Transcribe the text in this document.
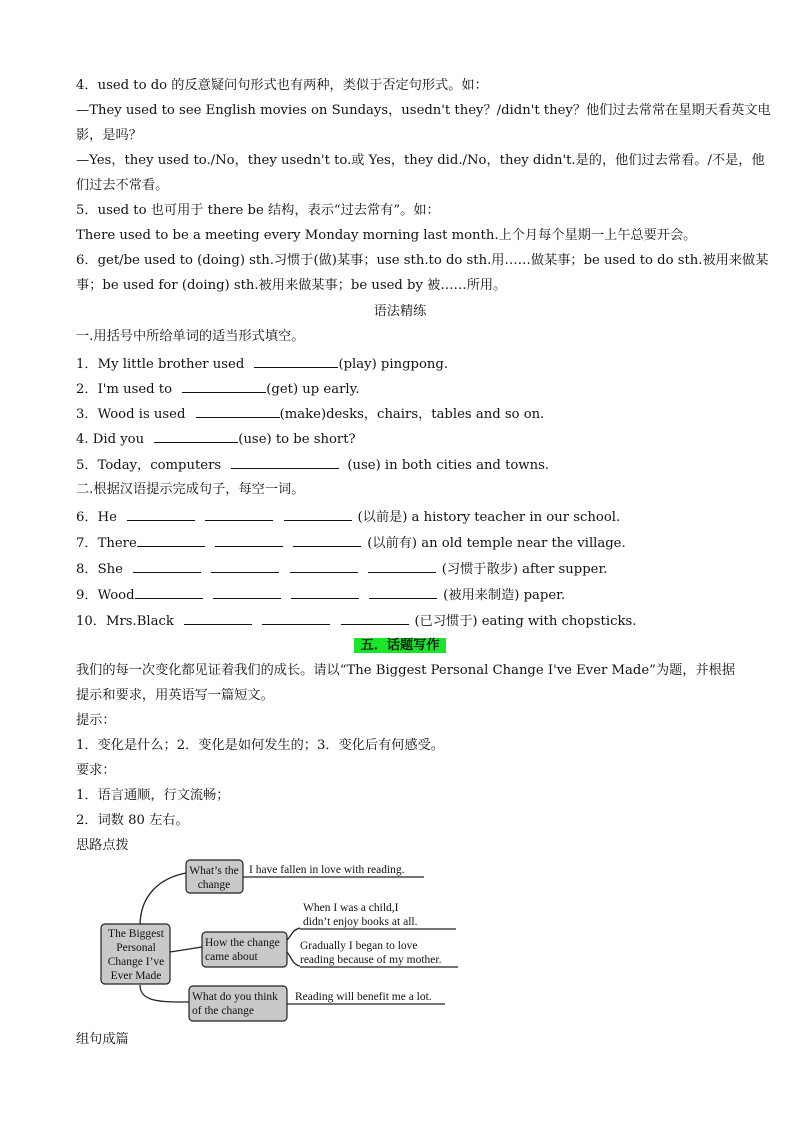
4．used to do 的反意疑问句形式也有两种，类似于否定句形式。如：
—They used to see English movies on Sundays，usedn't they？/didn't they？他们过去常常在星期天看英文电
影，是吗？
—Yes，they used to./No，they usedn't to.或 Yes，they did./No，they didn't.是的，他们过去常看。/不是，他
们过去不常看。
5．used to 也可用于 there be 结构，表示“过去常有”。如：
There used to be a meeting every Monday morning last month.上个月每个星期一上午总要开会。
6．get/be used to (doing) sth.习惯于(做)某事；use sth.to do sth.用……做某事；be used to do sth.被用来做某
事；be used for (doing) sth.被用来做某事；be used by 被……所用。
语法精练
一.用括号中所给单词的适当形式填空。
1．My little brother used	(play) pingpong.
2．I'm used to	(get) up early.
3．Wood is used	(make)desks，chairs，tables and so on.
4. Did you	(use) to be short?
5．Today，computers	(use) in both cities and towns.
二.根据汉语提示完成句子，每空一词。
6．He	(以前是) a history teacher in our school.
7．There	(以前有) an old temple near the village.
8．She	(习惯于散步) after supper.
9．Wood	(被用来制造) paper.
10．Mrs.Black	(已习惯于) eating with chopsticks.
五．话题写作
我们的每一次变化都见证着我们的成长。请以“The Biggest Personal Change I've Ever Made”为题，并根据
提示和要求，用英语写一篇短文。
提示：
1．变化是什么；2．变化是如何发生的；3．变化后有何感受。
要求：
1．语言通顺，行文流畅；
2．词数 80 左右。
思路点拨
The Biggest
Personal
Change I’ve
Ever Made
What’s the
change
I have fallen in love with reading.
How the change
came about
When I was a child,I
didn’t enjoy books at all.
Gradually I began to love
reading because of my mother.
What do you think
of the change
Reading will benefit me a lot.
组句成篇
